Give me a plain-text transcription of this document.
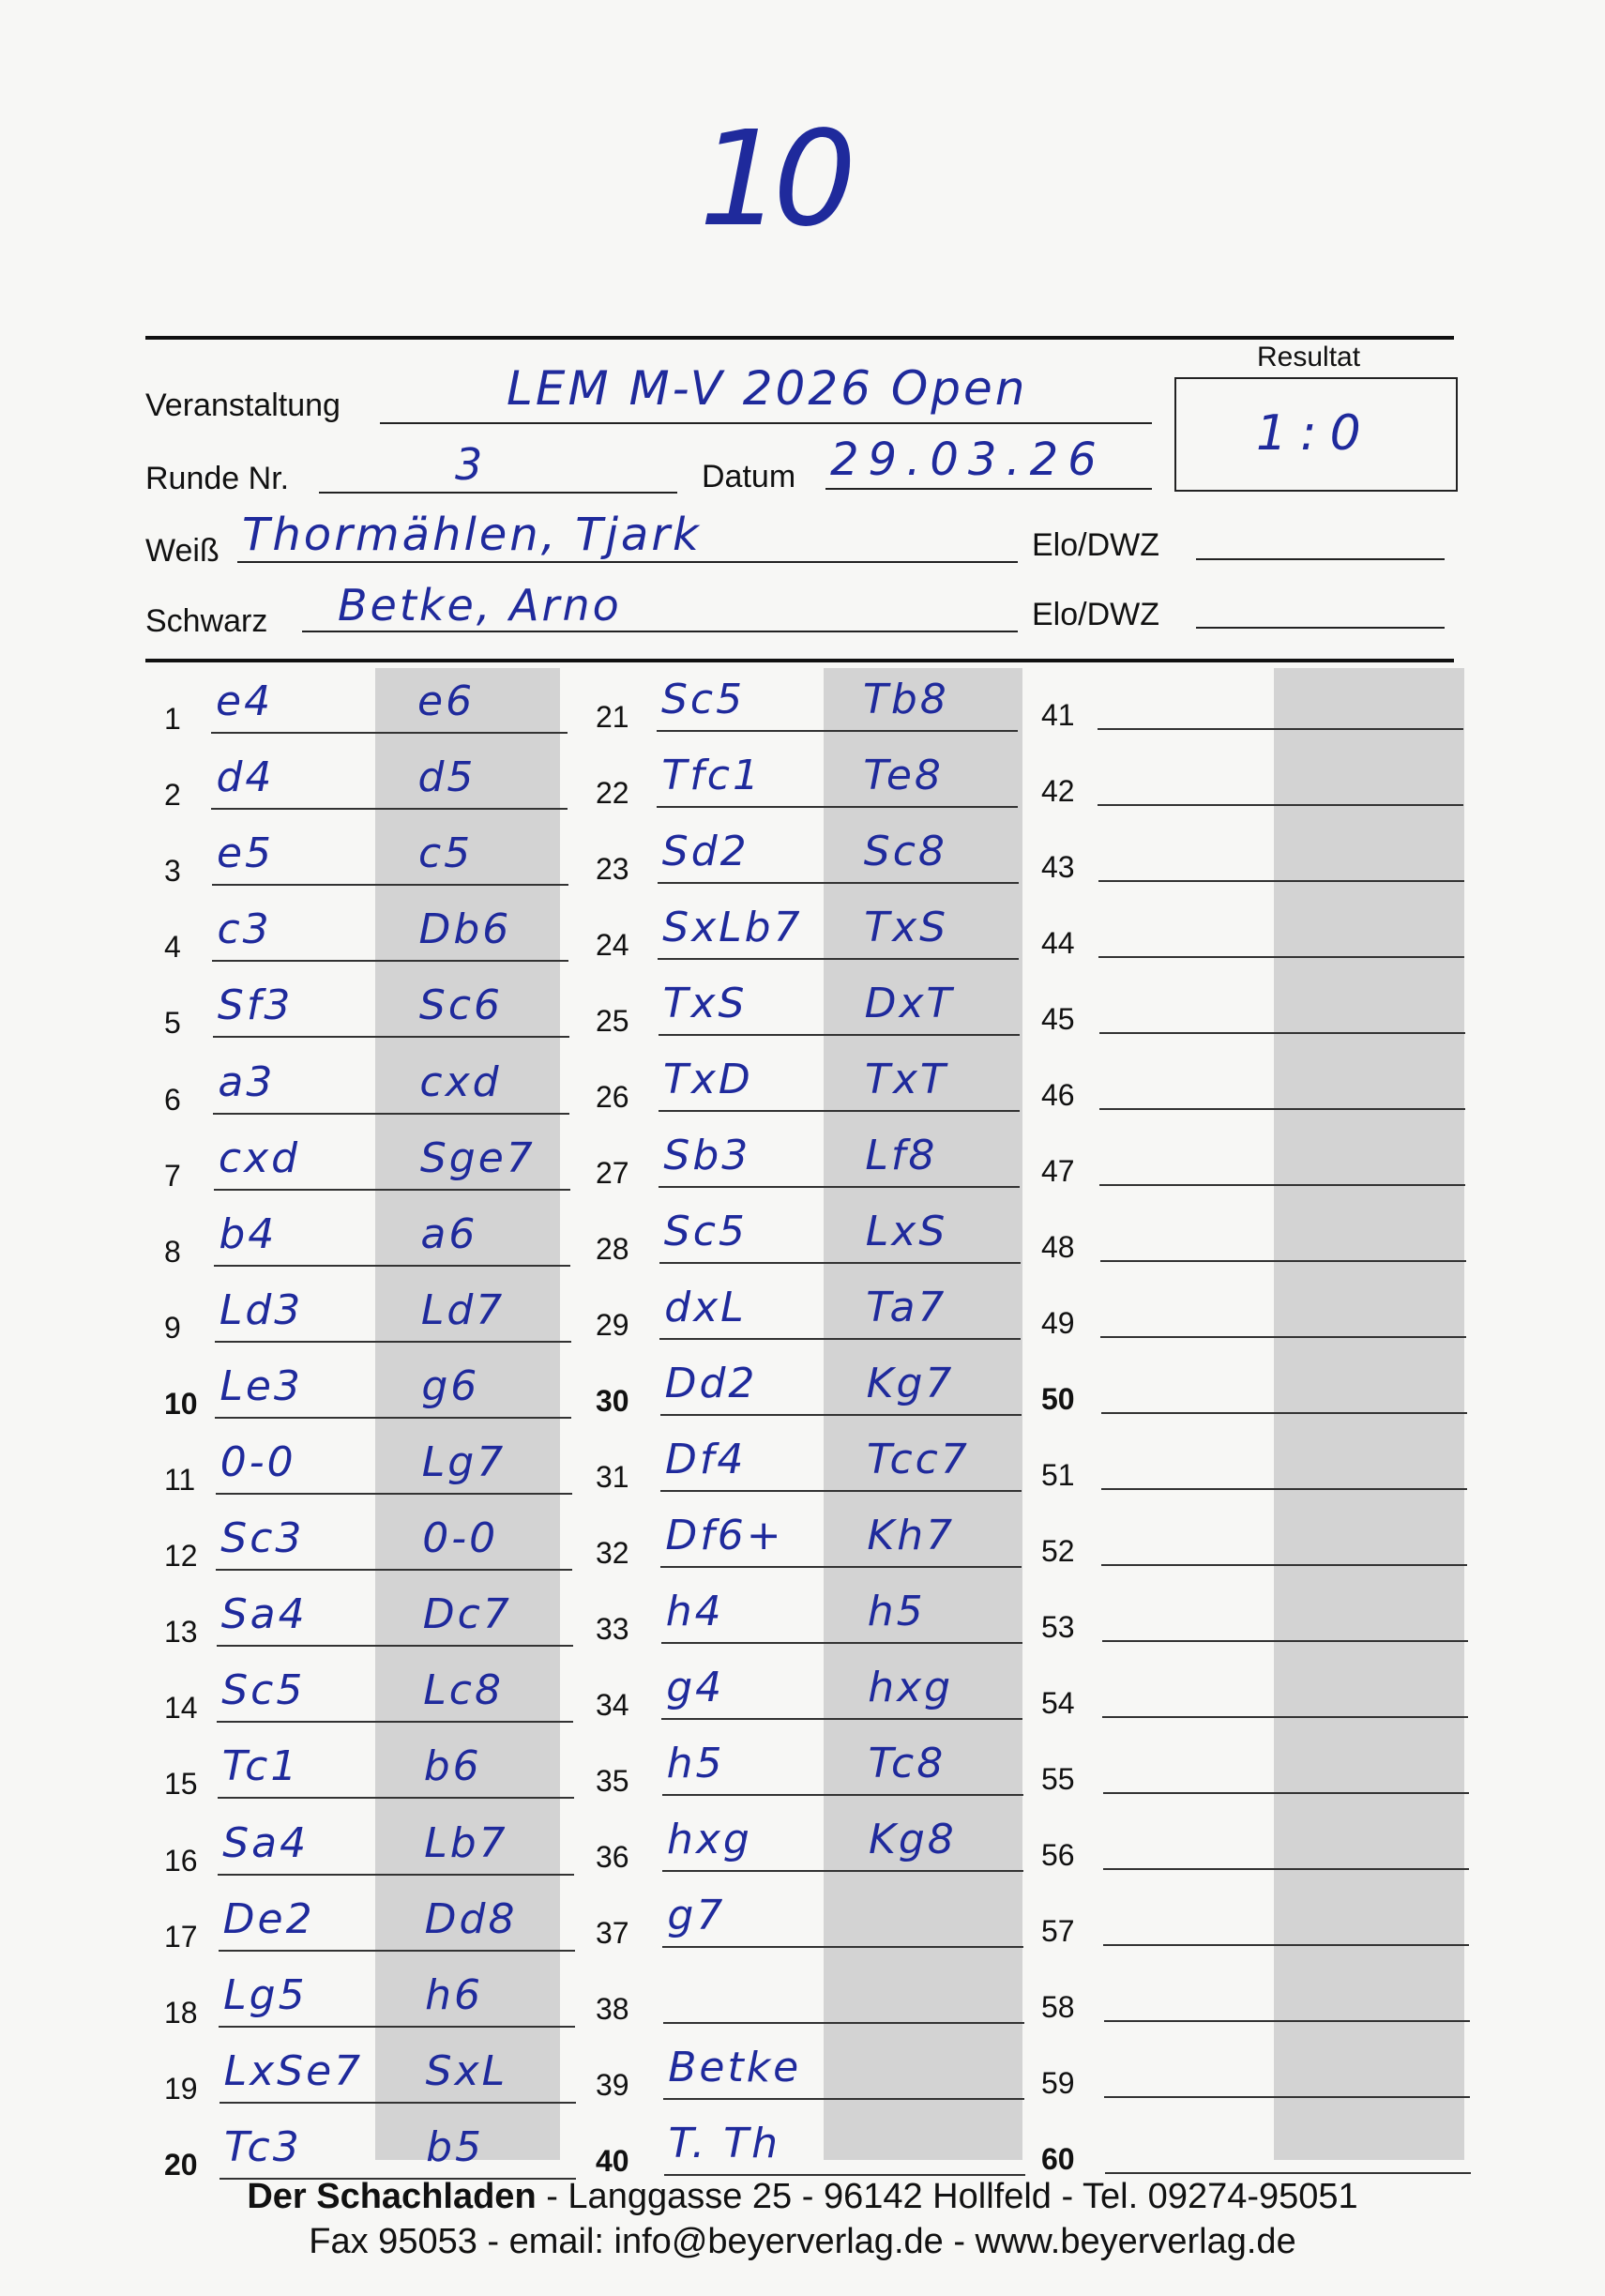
10
Resultat
1:0
Veranstaltung	LEM M-V 2026 Open
Runde Nr.	3	Datum 29.03.26
Weiß Thormählen, Tjark	Elo/DWZ
Schwarz Betke, Arno	Elo/DWZ
1 e4	e6
2 d4	d5
3 e5	c5
4 c3	Db6
5 Sf3	Sc6
6 a3	cxd
7 cxd	Sge7
8 b4	a6
9 Ld3	Ld7
10 Le3	g6
11 0-0	Lg7
12 Sc3	0-0
13 Sa4	Dc7
14 Sc5	Lc8
15 Tc1	b6
16 Sa4	Lb7
17 De2	Dd8
18 Lg5	h6
19 LxSe7 SxL
20 Tc3	b5
21 Sc5	Tb8
22 Tfc1 Te8
23 Sd2	Sc8
24 SxLb7 TxS
25 TxS	DxT
26 TxD	TxT
27 Sb3	Lf8
28 Sc5	LxS
29 dxL	Ta7
30 Dd2	Kg7
31 Df4	Tcc7
32 Df6+ Kh7
33 h4	h5
34 g4	hxg
35 h5	Tc8
36 hxg	Kg8
37 g7
38
39 Betke
40 T. Th
41
42
43
44
45
46
47
48
49
50
51
52
53
54
55
56
57
58
59
60
Der Schachladen - Langgasse 25 - 96142 Hollfeld - Tel. 09274-95051
Fax 95053 - email: info@beyerverlag.de - www.beyerverlag.de
